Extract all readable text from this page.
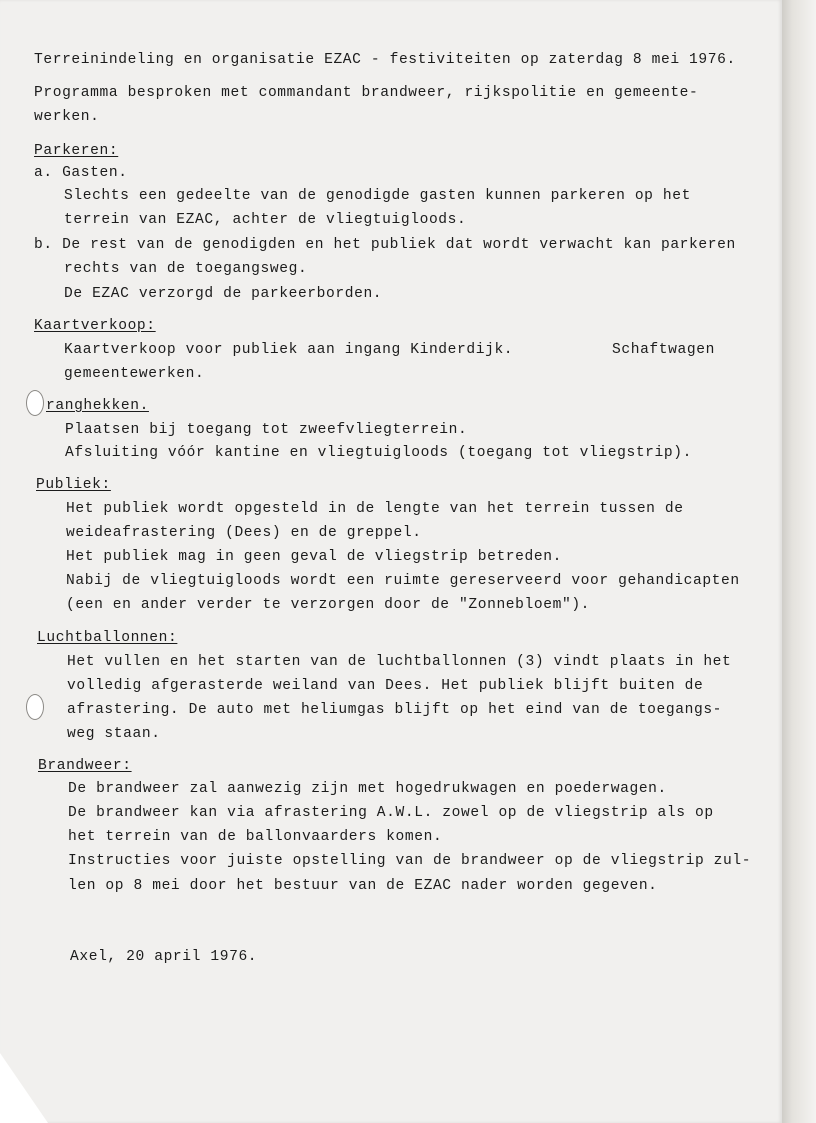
Terreinindeling en organisatie EZAC - festiviteiten op zaterdag 8 mei 1976.
Programma besproken met commandant brandweer, rijkspolitie en gemeente-
werken.
Parkeren:
a. Gasten.
Slechts een gedeelte van de genodigde gasten kunnen parkeren op het
terrein van EZAC, achter de vliegtuigloods.
b. De rest van de genodigden en het publiek dat wordt verwacht kan parkeren
rechts van de toegangsweg.
De EZAC verzorgd de parkeerborden.
Kaartverkoop:
Kaartverkoop voor publiek aan ingang Kinderdijk.	Schaftwagen
gemeentewerken.
ranghekken.
Plaatsen bij toegang tot zweefvliegterrein.
Afsluiting vóór kantine en vliegtuigloods (toegang tot vliegstrip).
Publiek:
Het publiek wordt opgesteld in de lengte van het terrein tussen de
weideafrastering (Dees) en de greppel.
Het publiek mag in geen geval de vliegstrip betreden.
Nabij de vliegtuigloods wordt een ruimte gereserveerd voor gehandicapten
(een en ander verder te verzorgen door de "Zonnebloem").
Luchtballonnen:
Het vullen en het starten van de luchtballonnen (3) vindt plaats in het
volledig afgerasterde weiland van Dees. Het publiek blijft buiten de
afrastering. De auto met heliumgas blijft op het eind van de toegangs-
weg staan.
Brandweer:
De brandweer zal aanwezig zijn met hogedrukwagen en poederwagen.
De brandweer kan via afrastering A.W.L. zowel op de vliegstrip als op
het terrein van de ballonvaarders komen.
Instructies voor juiste opstelling van de brandweer op de vliegstrip zul-
len op 8 mei door het bestuur van de EZAC nader worden gegeven.
Axel, 20 april 1976.
